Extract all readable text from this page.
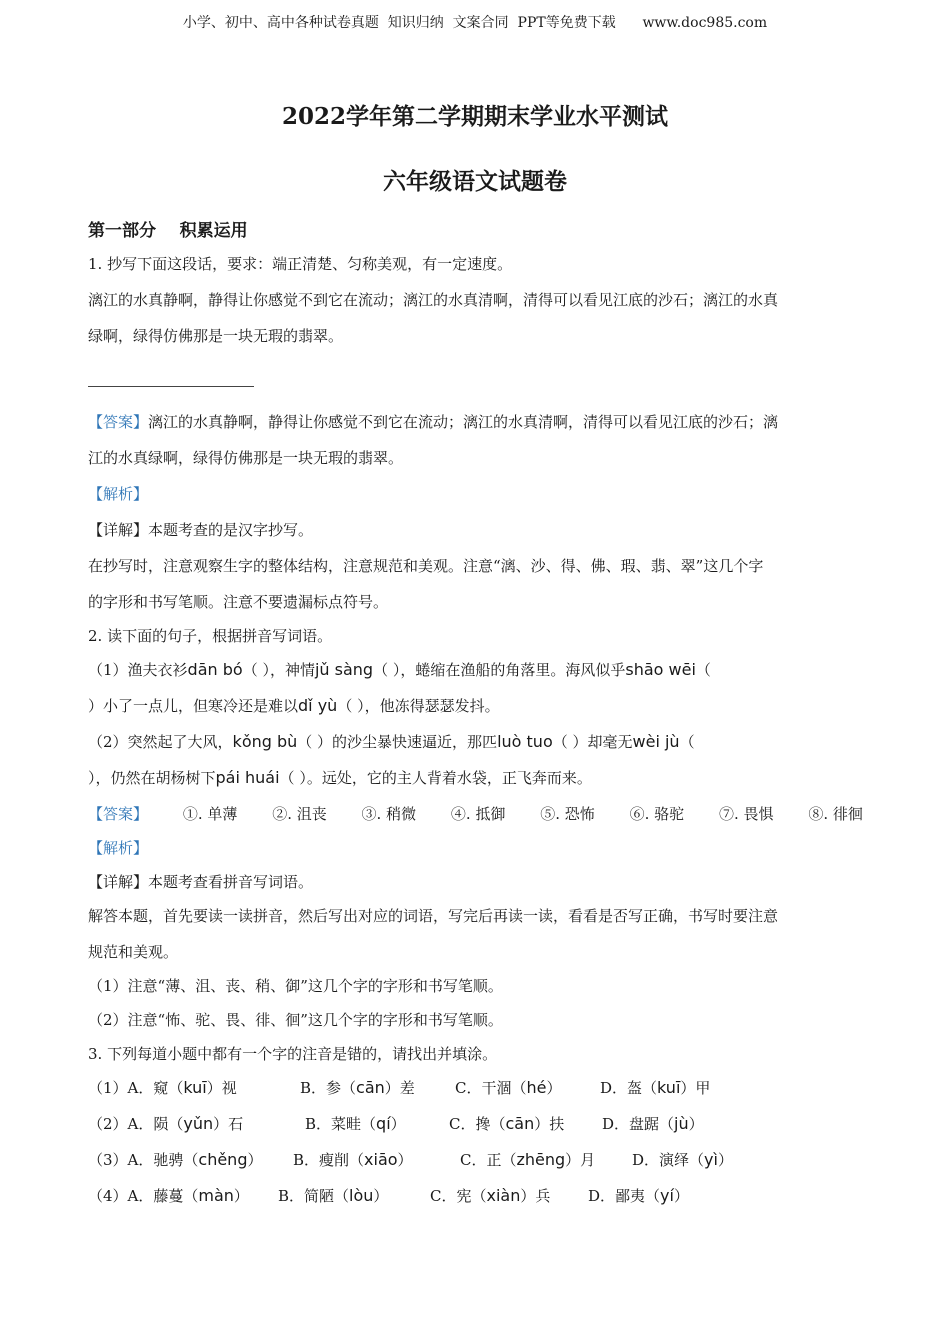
小学、初中、高中各种试卷真题  知识归纳  文案合同  PPT等免费下载      www.doc985.com
2022学年第二学期期末学业水平测试
六年级语文试题卷
第一部分    积累运用
1. 抄写下面这段话，要求：端正清楚、匀称美观，有一定速度。
漓江的水真静啊，静得让你感觉不到它在流动；漓江的水真清啊，清得可以看见江底的沙石；漓江的水真
绿啊，绿得仿佛那是一块无瑕的翡翠。
【答案】漓江的水真静啊，静得让你感觉不到它在流动；漓江的水真清啊，清得可以看见江底的沙石；漓
江的水真绿啊，绿得仿佛那是一块无瑕的翡翠。
【解析】
【详解】本题考查的是汉字抄写。
在抄写时，注意观察生字的整体结构，注意规范和美观。注意“漓、沙、得、佛、瑕、翡、翠”这几个字
的字形和书写笔顺。注意不要遗漏标点符号。
2. 读下面的句子，根据拼音写词语。
（1）渔夫衣衫dān bó（ ），神情jǔ sàng（ ），蜷缩在渔船的角落里。海风似乎shāo wēi（
）小了一点儿，但寒冷还是难以dǐ yù（ ），他冻得瑟瑟发抖。
（2）突然起了大风，kǒng bù（ ）的沙尘暴快速逼近，那匹luò tuo（ ）却毫无wèi jù（
），仍然在胡杨树下pái huái（ ）。远处，它的主人背着水袋，正飞奔而来。
【答案】 ①. 单薄 ②. 沮丧 ③. 稍微 ④. 抵御 ⑤. 恐怖 ⑥. 骆驼 ⑦. 畏惧 ⑧. 徘徊
【解析】
【详解】本题考查看拼音写词语。
解答本题，首先要读一读拼音，然后写出对应的词语，写完后再读一读，看看是否写正确，书写时要注意
规范和美观。
（1）注意“薄、沮、丧、稍、御”这几个字的字形和书写笔顺。
（2）注意“怖、驼、畏、徘、徊”这几个字的字形和书写笔顺。
3. 下列每道小题中都有一个字的注音是错的，请找出并填涂。
（1）A．窥（kuī）视	B．参（cān）差	C．干涸（hé）	D．盔（kuī）甲
（2）A．陨（yǔn）石	B．菜畦（qí）	C．搀（cān）扶	D．盘踞（jù）
（3）A．驰骋（chěng） B．瘦削（xiāo）	C．正（zhēng）月 D．演绎（yì）
（4）A．藤蔓（màn） B．简陋（lòu）	C．宪（xiàn）兵	D．鄙夷（yí）
